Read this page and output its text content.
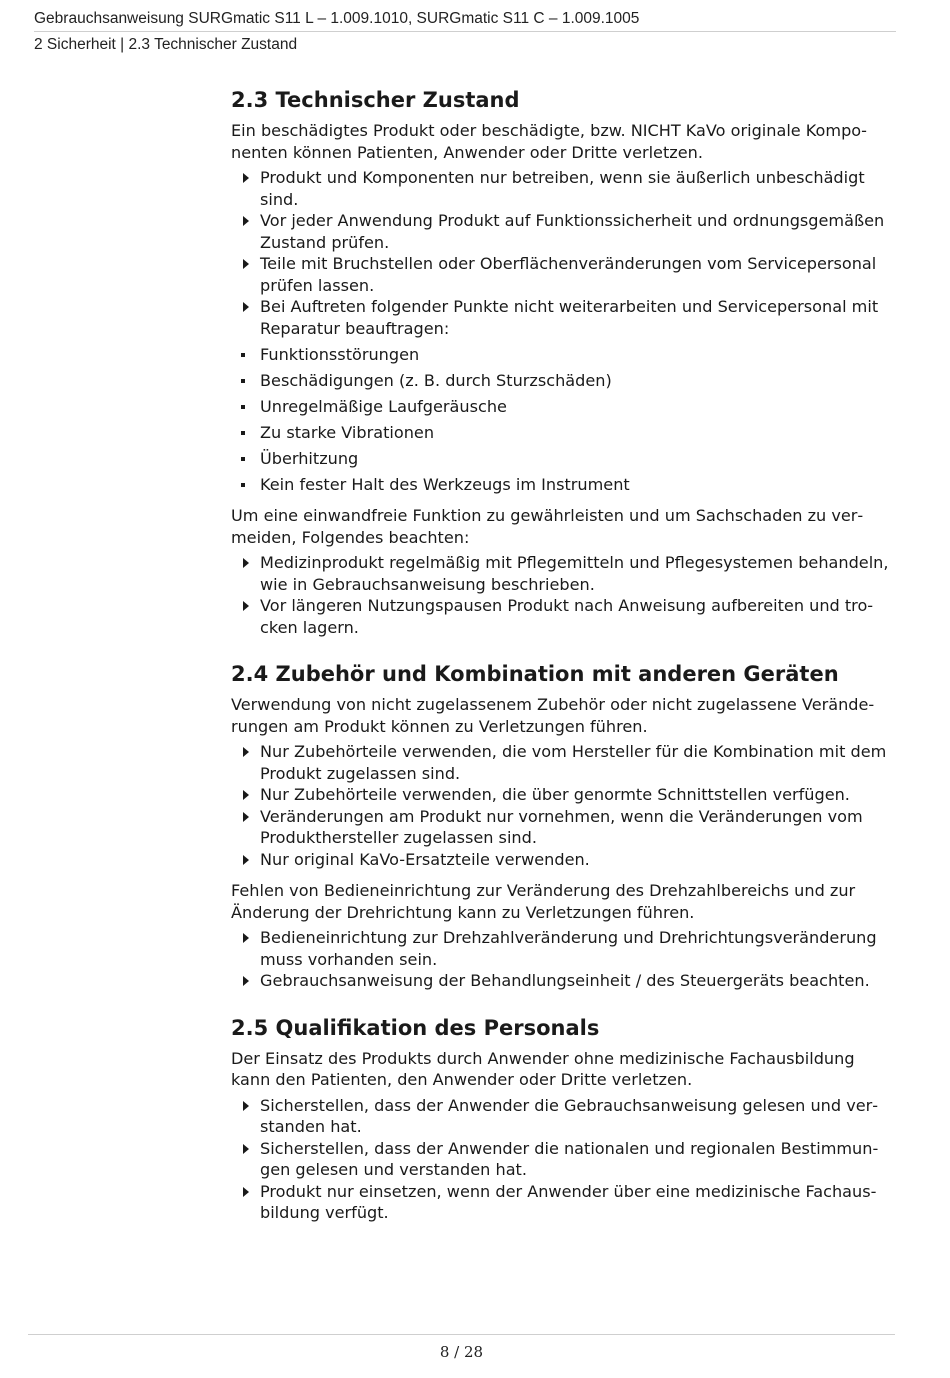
Gebrauchsanweisung SURGmatic S11 L – 1.009.1010, SURGmatic S11 C – 1.009.1005
2 Sicherheit | 2.3 Technischer Zustand
2.3 Technischer Zustand

Ein beschädigtes Produkt oder beschädigte, bzw. NICHT KaVo originale Komponenten können Patienten, Anwender oder Dritte verletzen.

Produkt und Komponenten nur betreiben, wenn sie äußerlich unbeschädigt sind.
Vor jeder Anwendung Produkt auf Funktionssicherheit und ordnungsgemäßen Zustand prüfen.
Teile mit Bruchstellen oder Oberflächenveränderungen vom Servicepersonal prüfen lassen.
Bei Auftreten folgender Punkte nicht weiterarbeiten und Servicepersonal mit Reparatur beauftragen:
Funktionsstörungen
Beschädigungen (z. B. durch Sturzschäden)
Unregelmäßige Laufgeräusche
Zu starke Vibrationen
Überhitzung
Kein fester Halt des Werkzeugs im Instrument

Um eine einwandfreie Funktion zu gewährleisten und um Sachschaden zu vermeiden, Folgendes beachten:

Medizinprodukt regelmäßig mit Pflegemitteln und Pflegesystemen behandeln, wie in Gebrauchsanweisung beschrieben.
Vor längeren Nutzungspausen Produkt nach Anweisung aufbereiten und trocken lagern.
2.4 Zubehör und Kombination mit anderen Geräten

Verwendung von nicht zugelassenem Zubehör oder nicht zugelassene Veränderungen am Produkt können zu Verletzungen führen.

Nur Zubehörteile verwenden, die vom Hersteller für die Kombination mit dem Produkt zugelassen sind.
Nur Zubehörteile verwenden, die über genormte Schnittstellen verfügen.
Veränderungen am Produkt nur vornehmen, wenn die Veränderungen vom Produkthersteller zugelassen sind.
Nur original KaVo-Ersatzteile verwenden.

Fehlen von Bedieneinrichtung zur Veränderung des Drehzahlbereichs und zur Änderung der Drehrichtung kann zu Verletzungen führen.

Bedieneinrichtung zur Drehzahlveränderung und Drehrichtungsveränderung muss vorhanden sein.
Gebrauchsanweisung der Behandlungseinheit / des Steuergeräts beachten.
2.5 Qualifikation des Personals

Der Einsatz des Produkts durch Anwender ohne medizinische Fachausbildung kann den Patienten, den Anwender oder Dritte verletzen.

Sicherstellen, dass der Anwender die Gebrauchsanweisung gelesen und verstanden hat.
Sicherstellen, dass der Anwender die nationalen und regionalen Bestimmungen gelesen und verstanden hat.
Produkt nur einsetzen, wenn der Anwender über eine medizinische Fachausbildung verfügt.
8 / 28
